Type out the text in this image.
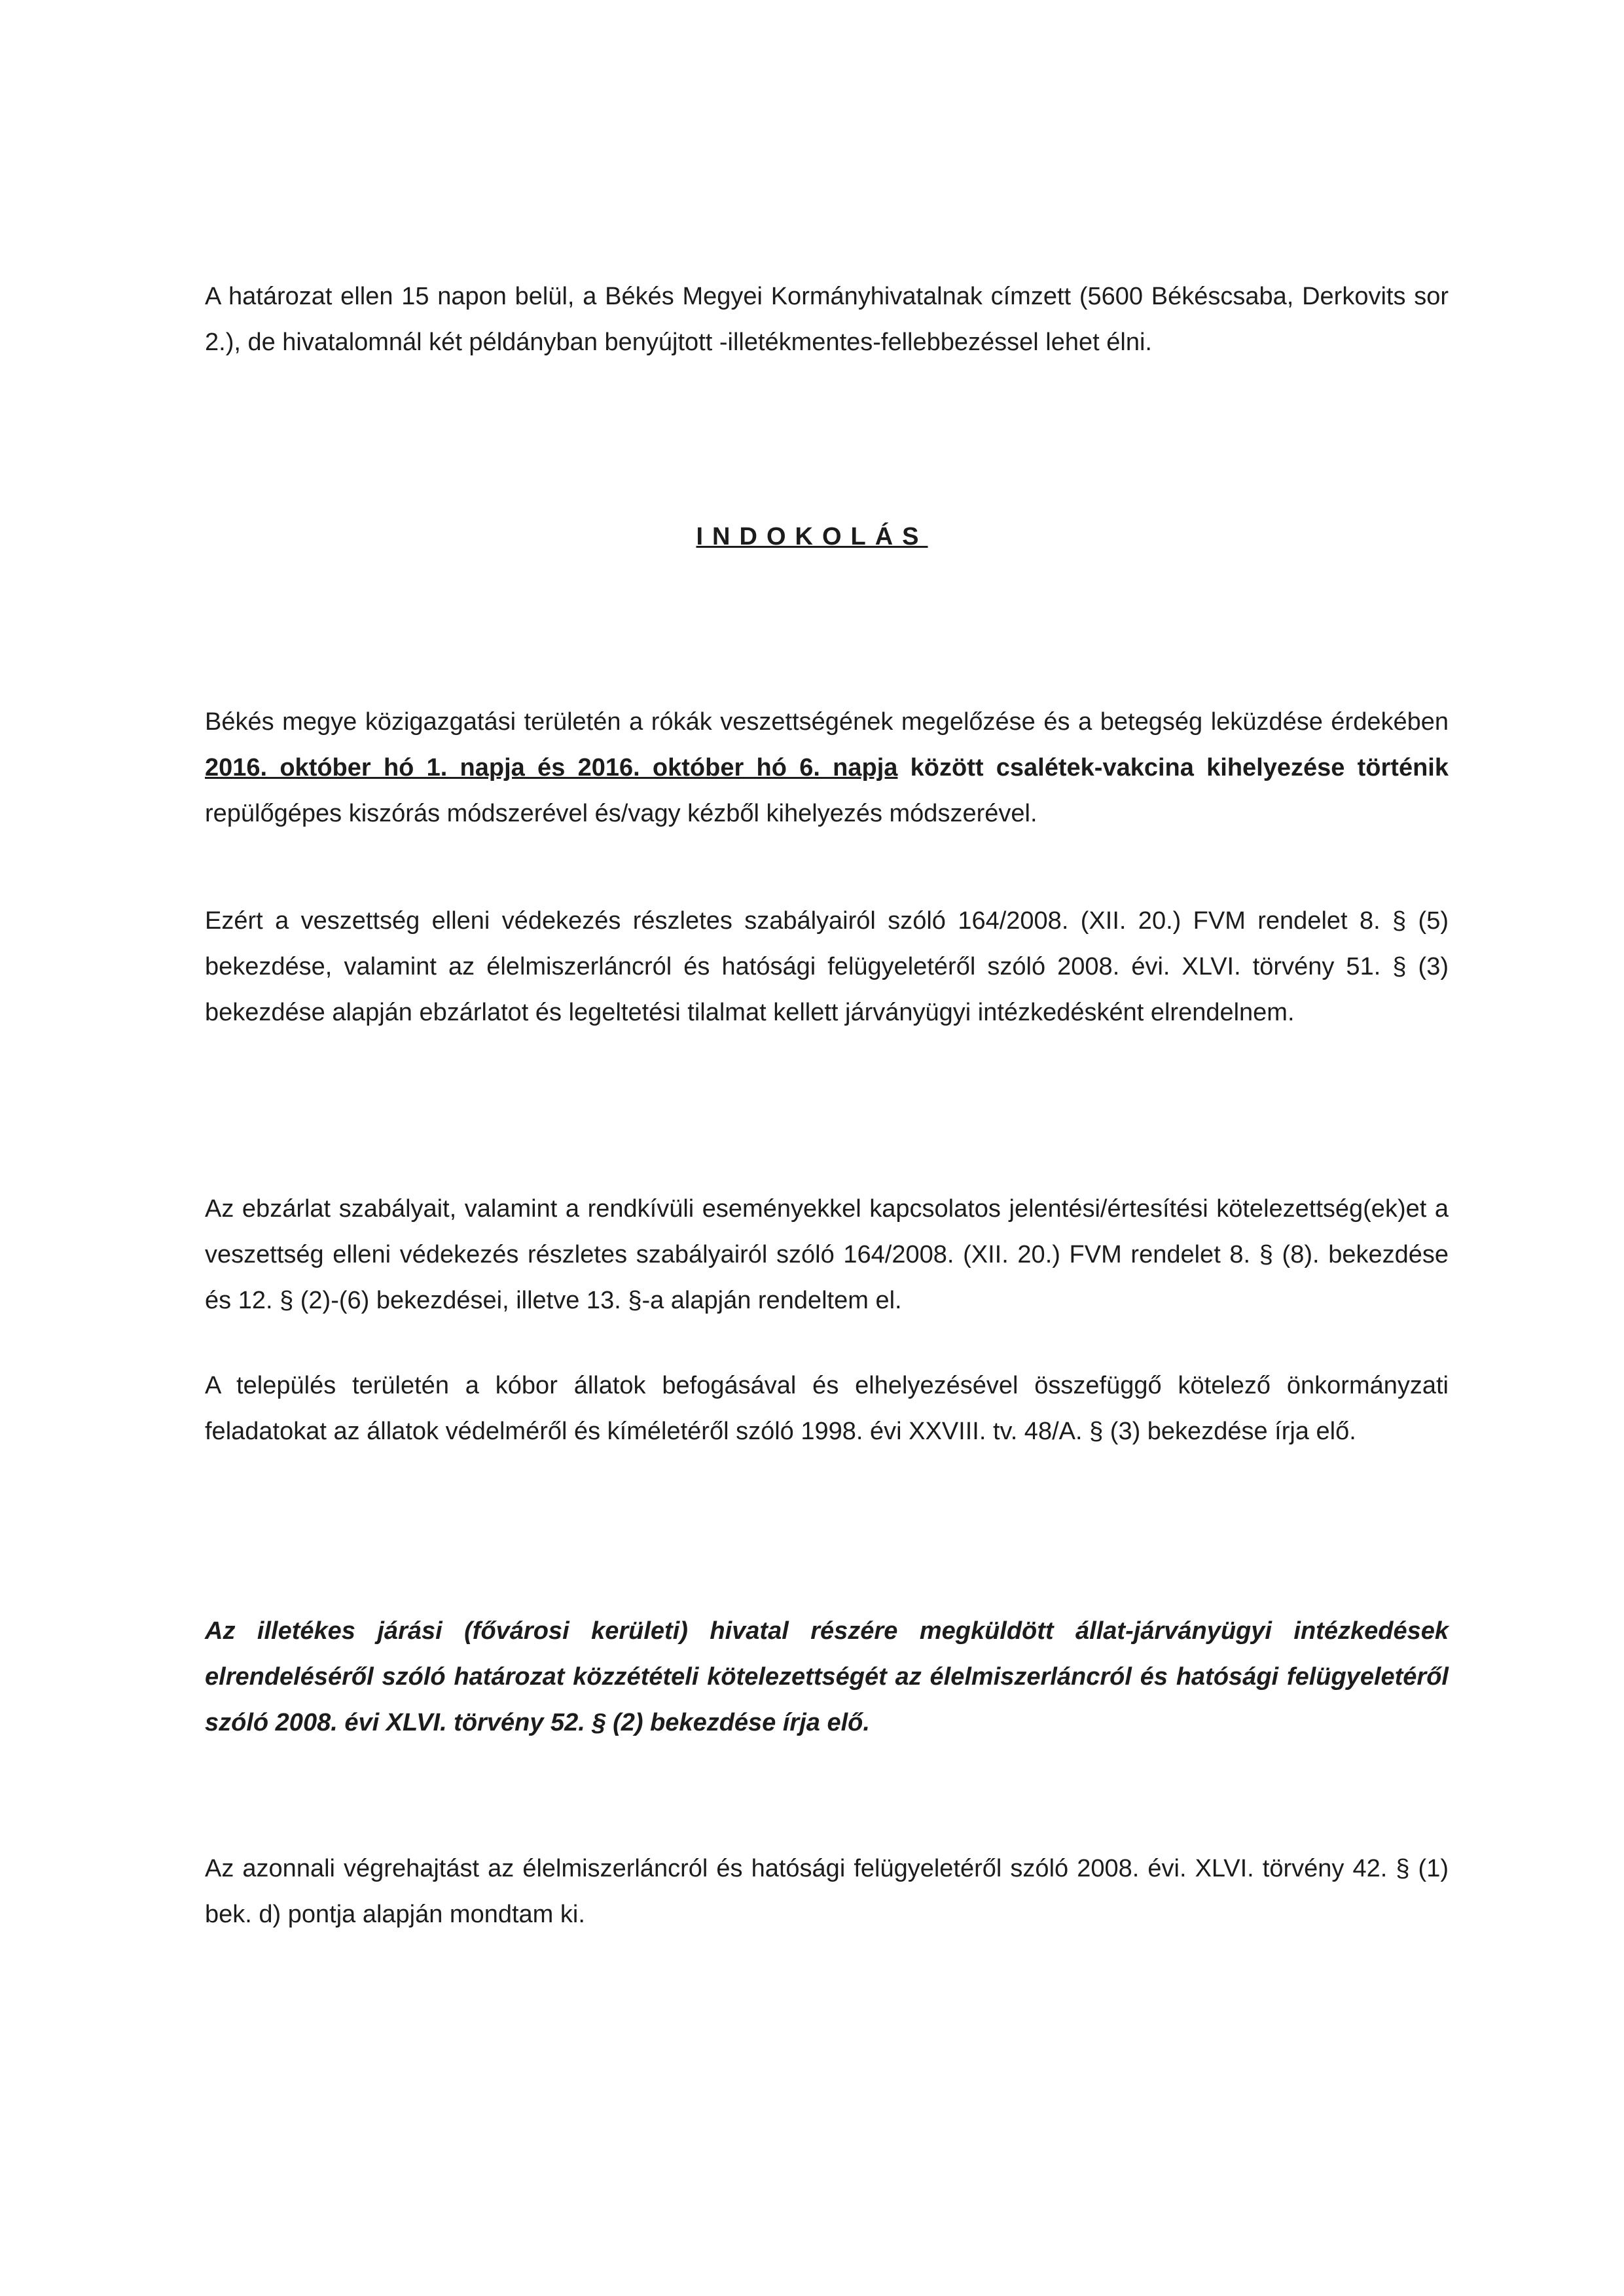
A határozat ellen 15 napon belül, a Békés Megyei Kormányhivatalnak címzett (5600 Békéscsaba, Derkovits sor 2.), de hivatalomnál két példányban benyújtott -illetékmentes-fellebbezéssel lehet élni.

INDOKOLÁS

Békés megye közigazgatási területén a rókák veszettségének megelőzése és a betegség leküzdése érdekében 2016. október hó 1. napja és 2016. október hó 6. napja között csalétek-vakcina kihelyezése történik repülőgépes kiszórás módszerével és/vagy kézből kihelyezés módszerével.

Ezért a veszettség elleni védekezés részletes szabályairól szóló 164/2008. (XII. 20.) FVM rendelet 8. § (5) bekezdése, valamint az élelmiszerláncról és hatósági felügyeletéről szóló 2008. évi. XLVI. törvény 51. § (3) bekezdése alapján ebzárlatot és legeltetési tilalmat kellett járványügyi intézkedésként elrendelnem.

Az ebzárlat szabályait, valamint a rendkívüli eseményekkel kapcsolatos jelentési/értesítési kötelezettség(ek)et a veszettség elleni védekezés részletes szabályairól szóló 164/2008. (XII. 20.) FVM rendelet 8. § (8). bekezdése és 12. § (2)-(6) bekezdései, illetve 13. §-a alapján rendeltem el.

A település területén a kóbor állatok befogásával és elhelyezésével összefüggő kötelező önkormányzati feladatokat az állatok védelméről és kíméletéről szóló 1998. évi XXVIII. tv. 48/A. § (3) bekezdése írja elő.

Az illetékes járási (fővárosi kerületi) hivatal részére megküldött állat-járványügyi intézkedések elrendeléséről szóló határozat közzétételi kötelezettségét az élelmiszerláncról és hatósági felügyeletéről szóló 2008. évi XLVI. törvény 52. § (2) bekezdése írja elő.

Az azonnali végrehajtást az élelmiszerláncról és hatósági felügyeletéről szóló 2008. évi. XLVI. törvény 42. § (1) bek. d) pontja alapján mondtam ki.
